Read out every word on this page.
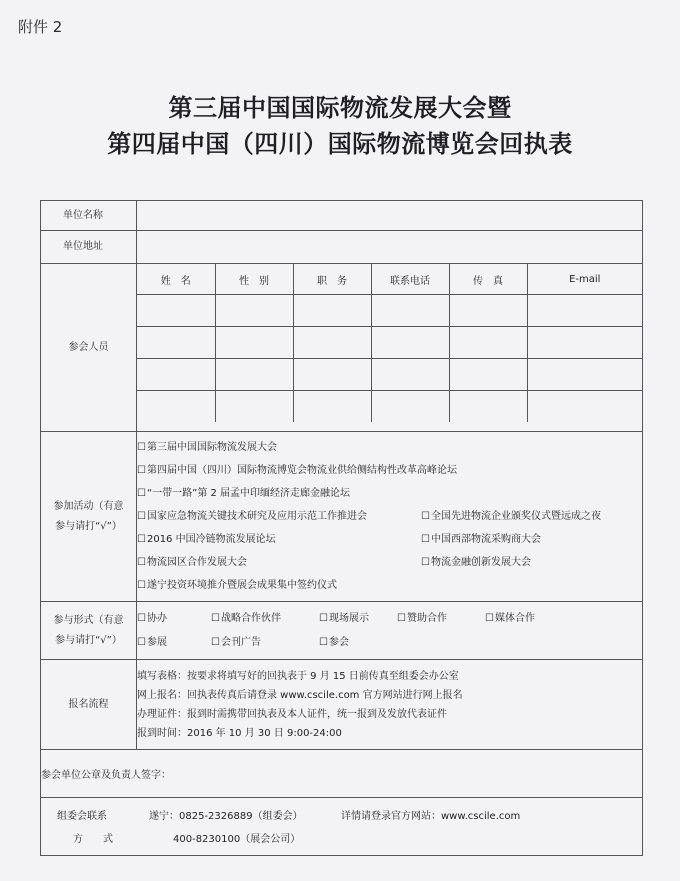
附件 2
第三届中国国际物流发展大会暨
第四届中国（四川）国际物流博览会回执表
单位名称	
单位地址	
参会人员	
姓　名	性　别	职　务	联系电话	传　真	E-mail

参加活动（有意
参与请打“√”）

☐第三届中国国际物流发展大会
☐第四届中国（四川）国际物流博览会物流业供给侧结构性改革高峰论坛
☐“一带一路”第 2 届孟中印缅经济走廊金融论坛
☐国家应急物流关键技术研究及应用示范工作推进会	☐全国先进物流企业颁奖仪式暨远成之夜
☐2016 中国冷链物流发展论坛	☐中国西部物流采购商大会
☐物流园区合作发展大会	☐物流金融创新发展大会
☐遂宁投资环境推介暨展会成果集中签约仪式

参与形式（有意
参与请打“√”）

☐协办	☐战略合作伙伴	☐现场展示	☐赞助合作	☐媒体合作
☐参展	☐会刊广告	☐参会

报名流程	
填写表格：按要求将填写好的回执表于 9 月 15 日前传真至组委会办公室
网上报名：回执表传真后请登录 www.cscile.com 官方网站进行网上报名
办理证件：报到时需携带回执表及本人证件，统一报到及发放代表证件
报到时间：2016 年 10 月 30 日 9:00-24:00

参会单位公章及负责人签字：

组委会联系
方　　式
遂宁：0825-2326889（组委会）	详情请登录官方网站：www.cscile.com
400-8230100（展会公司）
